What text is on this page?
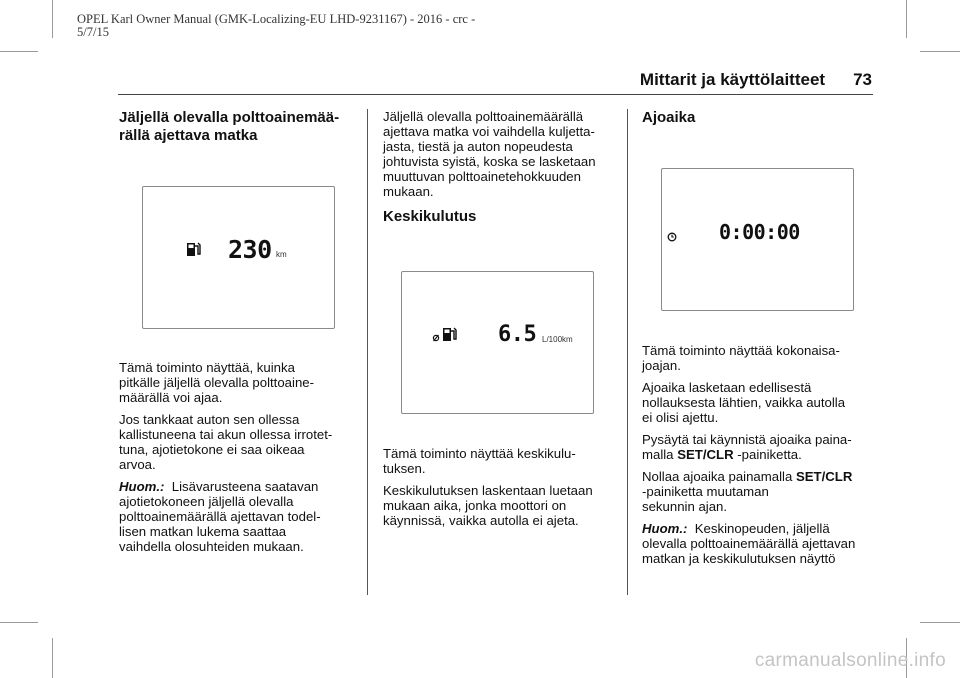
OPEL Karl Owner Manual (GMK-Localizing-EU LHD-9231167) - 2016 - crc -
5/7/15
Mittarit ja käyttölaitteet 73
Jäljellä olevalla polttoainemää-
rällä ajettava matka
230 km

Tämä toiminto näyttää, kuinka
pitkälle jäljellä olevalla polttoaine-
määrällä voi ajaa.

Jos tankkaat auton sen ollessa
kallistuneena tai akun ollessa irrotet-
tuna, ajotietokone ei saa oikeaa
arvoa.

Huom.: Lisävarusteena saatavan
ajotietokoneen jäljellä olevalla
polttoainemäärällä ajettavan todel-
lisen matkan lukema saattaa
vaihdella olosuhteiden mukaan.

Jäljellä olevalla polttoainemäärällä
ajettava matka voi vaihdella kuljetta-
jasta, tiestä ja auton nopeudesta
johtuvista syistä, koska se lasketaan
muuttuvan polttoainetehokkuuden
mukaan.

Keskikulutus
6.5 L/100km

Tämä toiminto näyttää keskikulu-
tuksen.

Keskikulutuksen laskentaan luetaan
mukaan aika, jonka moottori on
käynnissä, vaikka autolla ei ajeta.

Ajoaika
0:00:00

Tämä toiminto näyttää kokonaisa-
joajan.

Ajoaika lasketaan edellisestä
nollauksesta lähtien, vaikka autolla
ei olisi ajettu.

Pysäytä tai käynnistä ajoaika paina-
malla SET/CLR -painiketta.

Nollaa ajoaika painamalla SET/CLR
-painiketta muutaman
sekunnin ajan.

Huom.: Keskinopeuden, jäljellä
olevalla polttoainemäärällä ajettavan
matkan ja keskikulutuksen näyttö

carmanualsonline.info
